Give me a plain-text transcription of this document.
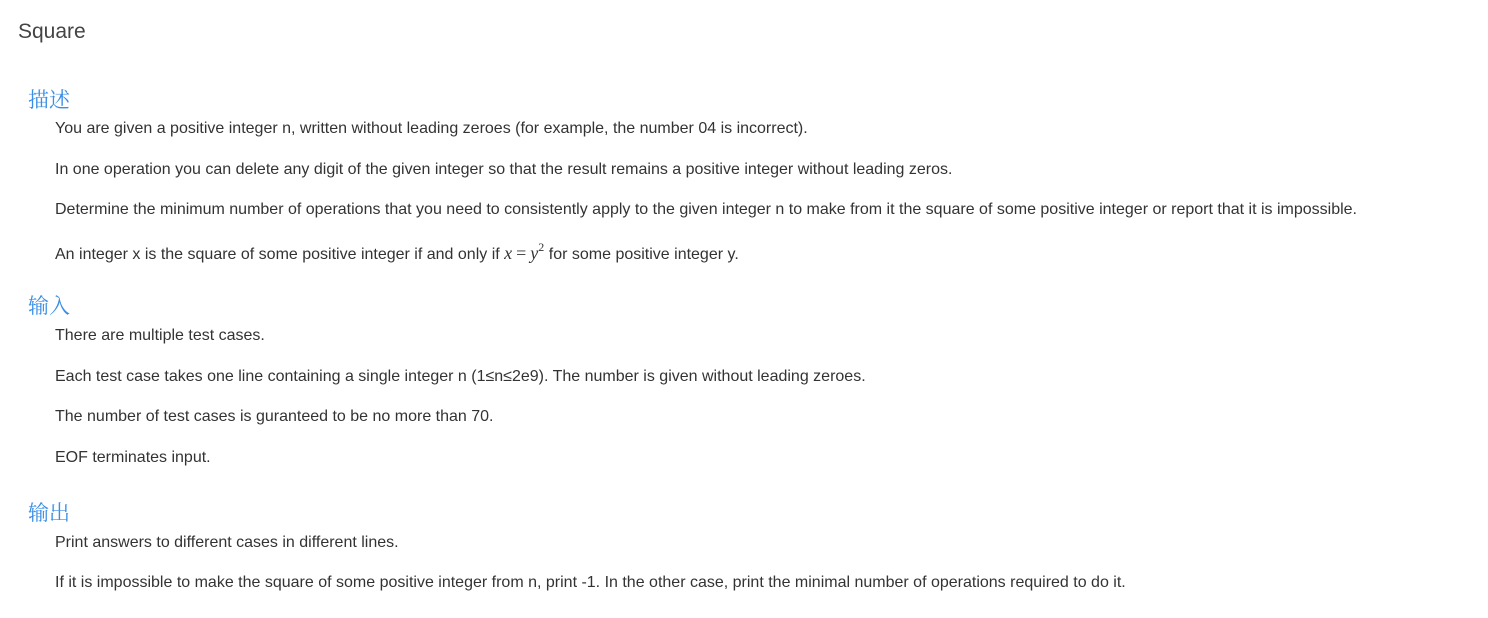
Square
描述
You are given a positive integer n, written without leading zeroes (for example, the number 04 is incorrect).
In one operation you can delete any digit of the given integer so that the result remains a positive integer without leading zeros.
Determine the minimum number of operations that you need to consistently apply to the given integer n to make from it the square of some positive integer or report that it is impossible.
An integer x is the square of some positive integer if and only if $x = y^2$ for some positive integer y.
输入
There are multiple test cases.
Each test case takes one line containing a single integer n (1≤n≤2e9). The number is given without leading zeroes.
The number of test cases is guranteed to be no more than 70.
EOF terminates input.
输出
Print answers to different cases in different lines.
If it is impossible to make the square of some positive integer from n, print -1. In the other case, print the minimal number of operations required to do it.
